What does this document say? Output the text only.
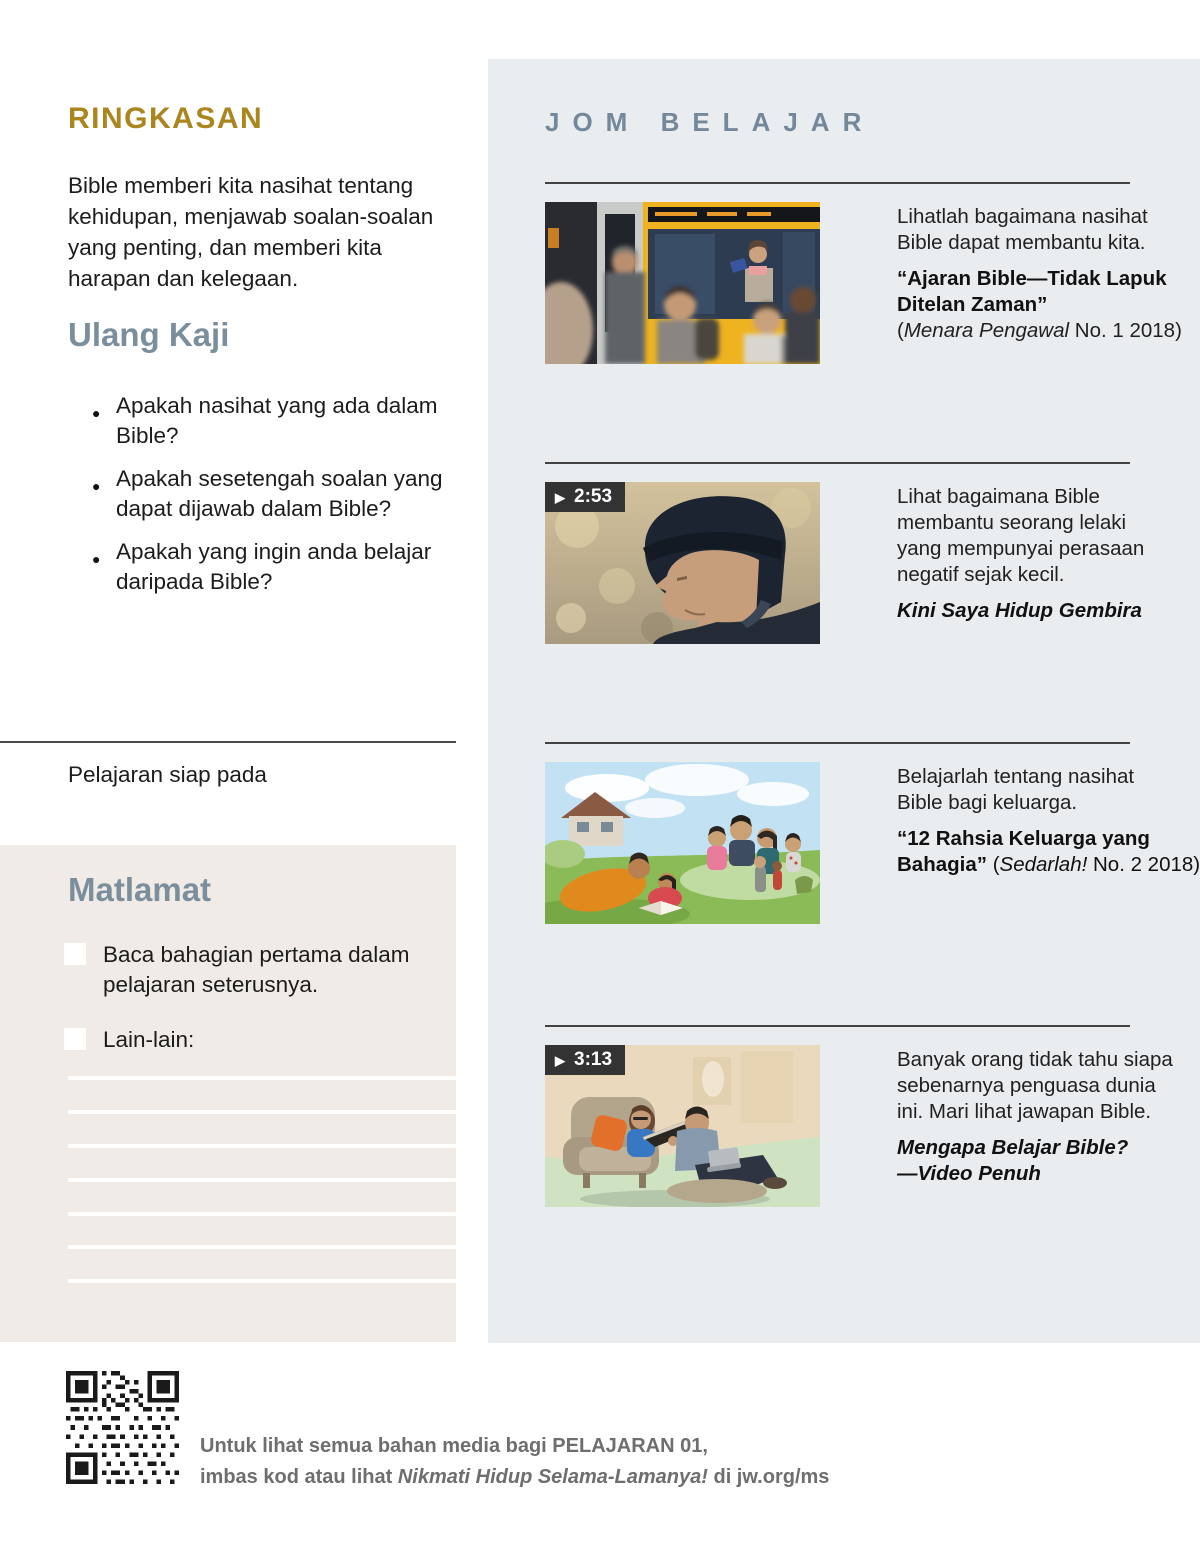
RINGKASAN
Bible memberi kita nasihat tentang
kehidupan, menjawab soalan-soalan
yang penting, dan memberi kita
harapan dan kelegaan.
Ulang Kaji
● Apakah nasihat yang ada dalam
Bible?
● Apakah sesetengah soalan yang
dapat dijawab dalam Bible?
● Apakah yang ingin anda belajar
daripada Bible?
Pelajaran siap pada
Matlamat
Baca bahagian pertama dalam
pelajaran seterusnya.
Lain-lain:
JOM BELAJAR
Lihatlah bagaimana nasihat
Bible dapat membantu kita.
“Ajaran Bible—Tidak Lapuk
Ditelan Zaman”
(Menara Pengawal No. 1 2018)
▶ 2:53	Lihat bagaimana Bible
membantu seorang lelaki
yang mempunyai perasaan
negatif sejak kecil.
Kini Saya Hidup Gembira
Belajarlah tentang nasihat
Bible bagi keluarga.
“12 Rahsia Keluarga yang
Bahagia” (Sedarlah! No. 2 2018)
▶ 3:13	Banyak orang tidak tahu siapa
sebenarnya penguasa dunia
ini. Mari lihat jawapan Bible.
Mengapa Belajar Bible?
—Video Penuh
Untuk lihat semua bahan media bagi PELAJARAN 01,
imbas kod atau lihat Nikmati Hidup Selama-Lamanya! di jw.org/ms
